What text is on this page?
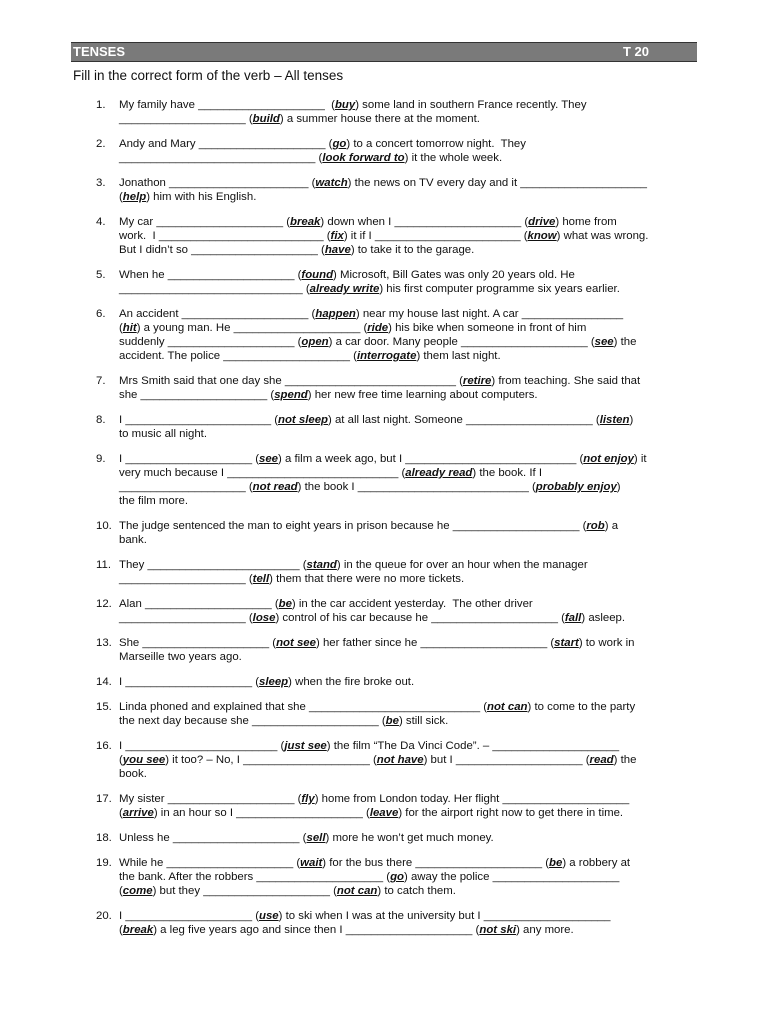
TENSES	T 20
Fill in the correct form of the verb – All tenses
1.	My family have ____________________  (buy) some land in southern France recently. They
____________________ (build) a summer house there at the moment.
2.	Andy and Mary ____________________ (go) to a concert tomorrow night.  They
_______________________________ (look forward to) it the whole week.
3.	Jonathon ______________________ (watch) the news on TV every day and it ____________________
(help) him with his English.
4.	My car ____________________ (break) down when I ____________________ (drive) home from
work.  I __________________________ (fix) it if I _______________________ (know) what was wrong.
But I didn’t so ____________________ (have) to take it to the garage.
5.	When he ____________________ (found) Microsoft, Bill Gates was only 20 years old. He
_____________________________ (already write) his first computer programme six years earlier.
6.	An accident ____________________ (happen) near my house last night. A car ________________
(hit) a young man. He ____________________ (ride) his bike when someone in front of him
suddenly ____________________ (open) a car door. Many people ____________________ (see) the
accident. The police ____________________ (interrogate) them last night.
7.	Mrs Smith said that one day she ___________________________ (retire) from teaching. She said that
she ____________________ (spend) her new free time learning about computers.
8.	I _______________________ (not sleep) at all last night. Someone ____________________ (listen)
to music all night.
9.	I ____________________ (see) a film a week ago, but I ___________________________ (not enjoy) it
very much because I ___________________________ (already read) the book. If I
____________________ (not read) the book I ___________________________ (probably enjoy)
the film more.
10. The judge sentenced the man to eight years in prison because he ____________________ (rob) a
bank.
11. They ________________________ (stand) in the queue for over an hour when the manager
____________________ (tell) them that there were no more tickets.
12. Alan ____________________ (be) in the car accident yesterday.  The other driver
____________________ (lose) control of his car because he ____________________ (fall) asleep.
13. She ____________________ (not see) her father since he ____________________ (start) to work in
Marseille two years ago.
14. I ____________________ (sleep) when the fire broke out.
15. Linda phoned and explained that she ___________________________ (not can) to come to the party
the next day because she ____________________ (be) still sick.
16. I ________________________ (just see) the film “The Da Vinci Code”. – ____________________
(you see) it too? – No, I ____________________ (not have) but I ____________________ (read) the
book.
17. My sister ____________________ (fly) home from London today. Her flight ____________________
(arrive) in an hour so I ____________________ (leave) for the airport right now to get there in time.
18. Unless he ____________________ (sell) more he won’t get much money.
19. While he ____________________ (wait) for the bus there ____________________ (be) a robbery at
the bank. After the robbers ____________________ (go) away the police ____________________
(come) but they ____________________ (not can) to catch them.
20. I ____________________ (use) to ski when I was at the university but I ____________________
(break) a leg five years ago and since then I ____________________ (not ski) any more.
